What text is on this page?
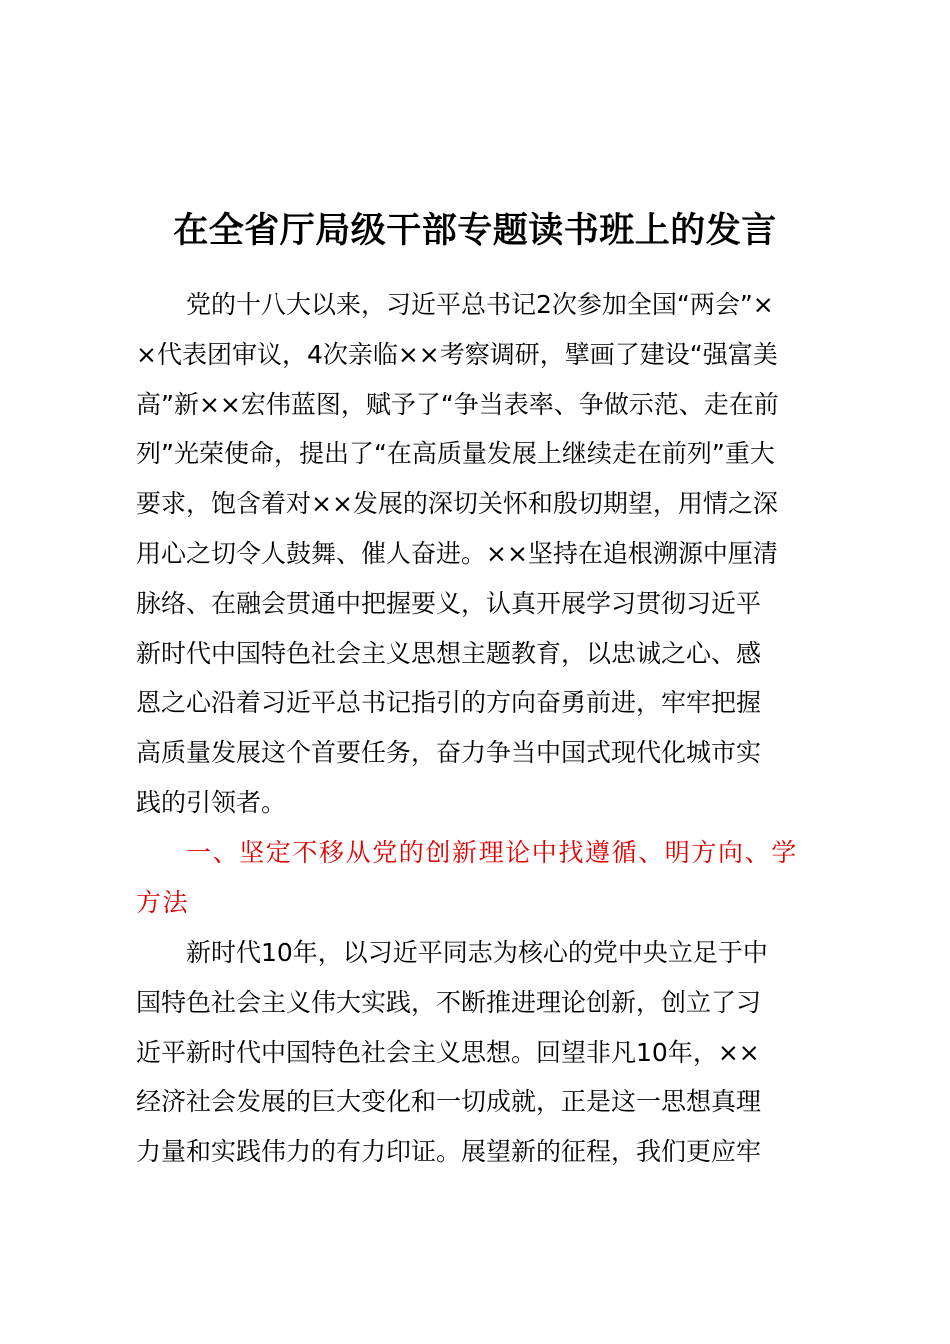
在全省厅局级干部专题读书班上的发言
党的十八大以来，习近平总书记2次参加全国“两会”×
×代表团审议，4次亲临××考察调研，擘画了建设“强富美
高”新××宏伟蓝图，赋予了“争当表率、争做示范、走在前
列”光荣使命，提出了“在高质量发展上继续走在前列”重大
要求，饱含着对××发展的深切关怀和殷切期望，用情之深
用心之切令人鼓舞、催人奋进。××坚持在追根溯源中厘清
脉络、在融会贯通中把握要义，认真开展学习贯彻习近平
新时代中国特色社会主义思想主题教育，以忠诚之心、感
恩之心沿着习近平总书记指引的方向奋勇前进，牢牢把握
高质量发展这个首要任务，奋力争当中国式现代化城市实
践的引领者。
一、坚定不移从党的创新理论中找遵循、明方向、学
方法
新时代10年，以习近平同志为核心的党中央立足于中
国特色社会主义伟大实践，不断推进理论创新，创立了习
近平新时代中国特色社会主义思想。回望非凡10年，××
经济社会发展的巨大变化和一切成就，正是这一思想真理
力量和实践伟力的有力印证。展望新的征程，我们更应牢
